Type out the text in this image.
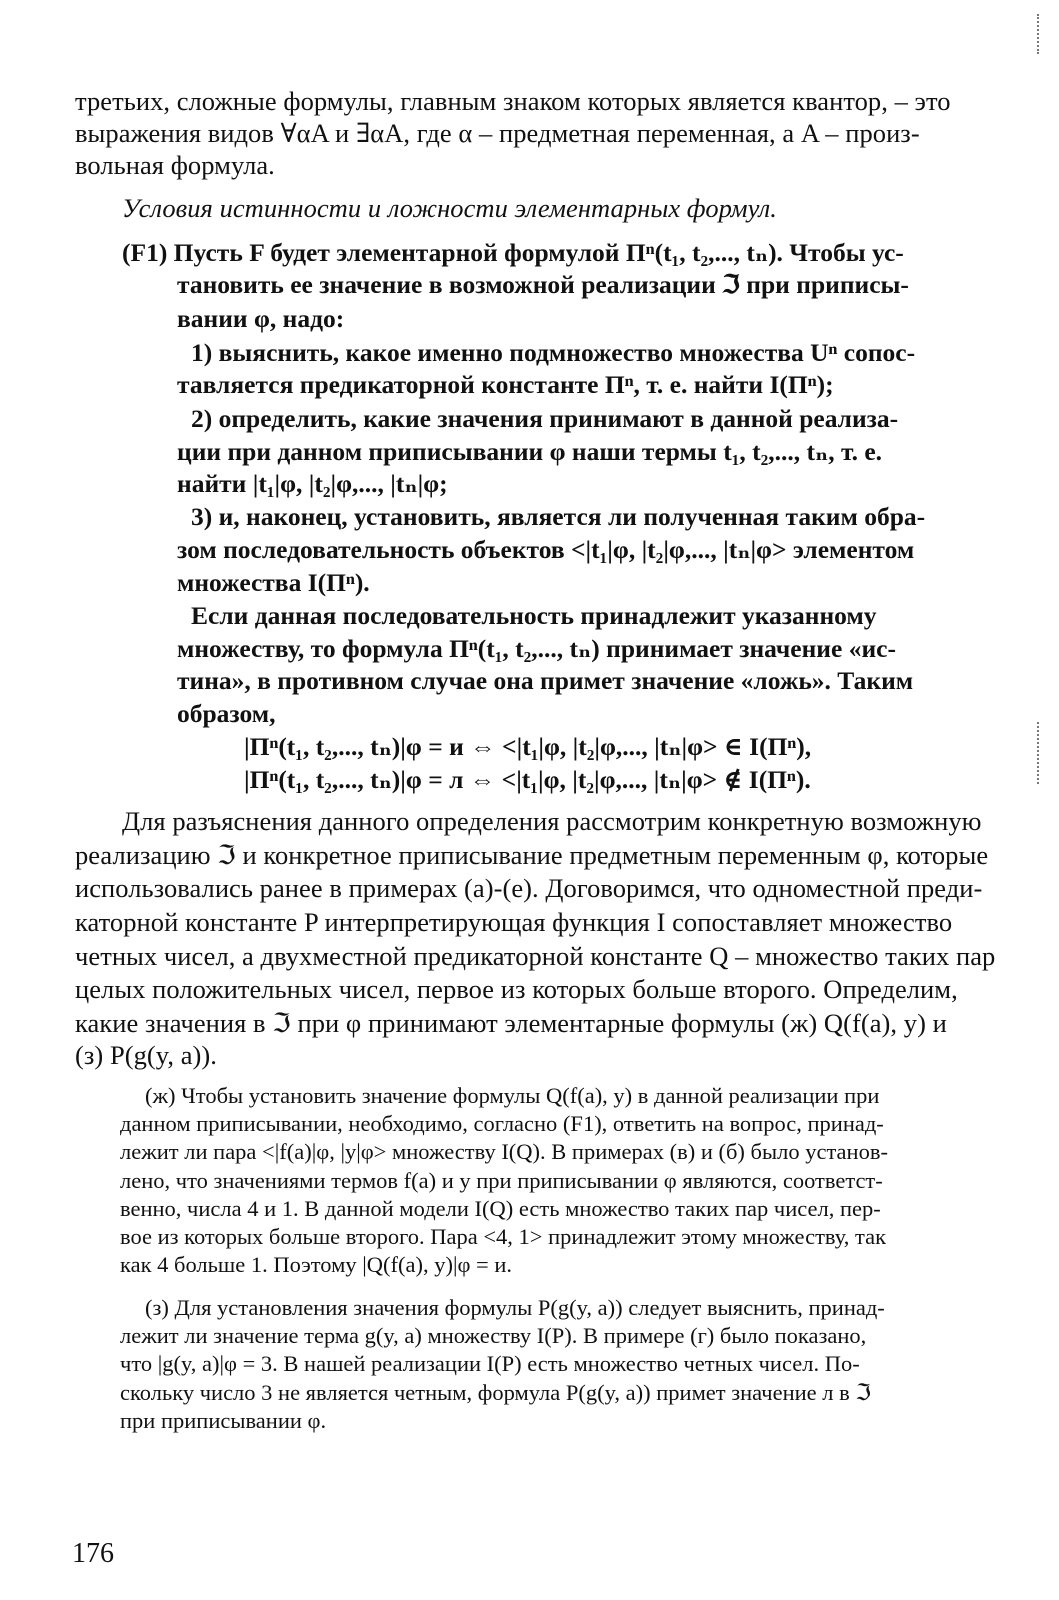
третьих, сложные формулы, главным знаком которых является квантор, – это

выражения видов ∀αA и ∃αA, где α – предметная переменная, а A – произ-

вольная формула.

Условия истинности и ложности элементарных формул.

(F1) Пусть F будет элементарной формулой Пⁿ(t₁, t₂,..., tₙ). Чтобы ус-

тановить ее значение в возможной реализации ℑ при приписы-

вании φ, надо:

1) выяснить, какое именно подмножество множества Uⁿ сопос-

тавляется предикаторной константе Пⁿ, т. е. найти I(Пⁿ);

2) определить, какие значения принимают в данной реализа-

ции при данном приписывании φ наши термы t₁, t₂,..., tₙ, т. е.

найти |t₁|φ, |t₂|φ,..., |tₙ|φ;

3) и, наконец, установить, является ли полученная таким обра-

зом последовательность объектов <|t₁|φ, |t₂|φ,..., |tₙ|φ> элементом

множества I(Пⁿ).

Если данная последовательность принадлежит указанному

множеству, то формула Пⁿ(t₁, t₂,..., tₙ) принимает значение «ис-

тина», в противном случае она примет значение «ложь». Таким

образом,

|Пⁿ(t₁, t₂,..., tₙ)|φ = и ⇔ <|t₁|φ, |t₂|φ,..., |tₙ|φ> ∈ I(Пⁿ),

|Пⁿ(t₁, t₂,..., tₙ)|φ = л ⇔ <|t₁|φ, |t₂|φ,..., |tₙ|φ> ∉ I(Пⁿ).

Для разъяснения данного определения рассмотрим конкретную возможную

реализацию ℑ и конкретное приписывание предметным переменным φ, которые

использовались ранее в примерах (а)-(е). Договоримся, что одноместной преди-

каторной константе P интерпретирующая функция I сопоставляет множество

четных чисел, а двухместной предикаторной константе Q – множество таких пар

целых положительных чисел, первое из которых больше второго. Определим,

какие значения в ℑ при φ принимают элементарные формулы (ж) Q(f(a), y) и

(з) P(g(y, a)).

(ж) Чтобы установить значение формулы Q(f(a), y) в данной реализации при

данном приписывании, необходимо, согласно (F1), ответить на вопрос, принад-

лежит ли пара <|f(a)|φ, |y|φ> множеству I(Q). В примерах (в) и (б) было установ-

лено, что значениями термов f(a) и y при приписывании φ являются, соответст-

венно, числа 4 и 1. В данной модели I(Q) есть множество таких пар чисел, пер-

вое из которых больше второго. Пара <4, 1> принадлежит этому множеству, так

как 4 больше 1. Поэтому |Q(f(a), y)|φ = и.

(з) Для установления значения формулы P(g(y, a)) следует выяснить, принад-

лежит ли значение терма g(y, a) множеству I(P). В примере (г) было показано,

что |g(y, a)|φ = 3. В нашей реализации I(P) есть множество четных чисел. По-

скольку число 3 не является четным, формула P(g(y, a)) примет значение л в ℑ

при приписывании φ.

176
